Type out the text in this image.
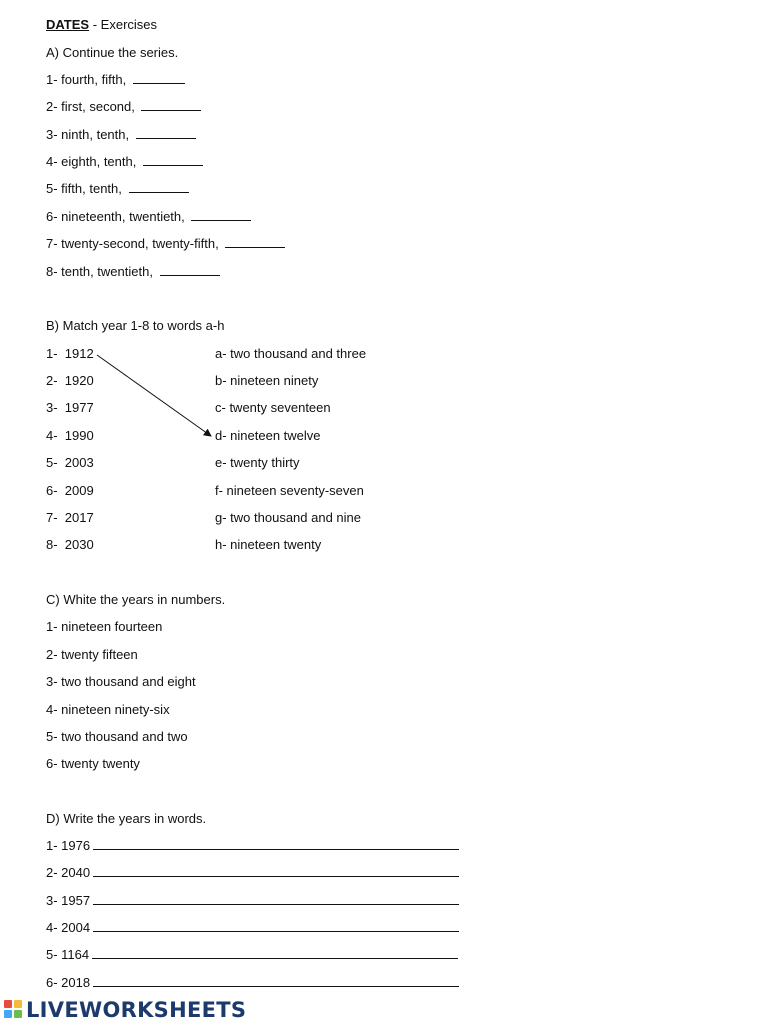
DATES - Exercises
A) Continue the series.
1- fourth, fifth,
2- first, second,
3- ninth, tenth,
4- eighth, tenth,
5- fifth, tenth,
6- nineteenth, twentieth,
7- twenty-second, twenty-fifth,
8- tenth, twentieth,
B) Match year 1-8 to words a-h
1-  1912	a- two thousand and three
2-  1920	b- nineteen ninety
3-  1977	c- twenty seventeen
4-  1990	d- nineteen twelve
5-  2003	e- twenty thirty
6-  2009	f- nineteen seventy-seven
7-  2017	g- two thousand and nine
8-  2030	h- nineteen twenty
C) White the years in numbers.
1- nineteen fourteen
2- twenty fifteen
3- two thousand and eight
4- nineteen ninety-six
5- two thousand and two
6- twenty twenty
D) Write the years in words.
1- 1976
2- 2040
3- 1957
4- 2004
5- 1164
6- 2018
LIVEWORKSHEETS
